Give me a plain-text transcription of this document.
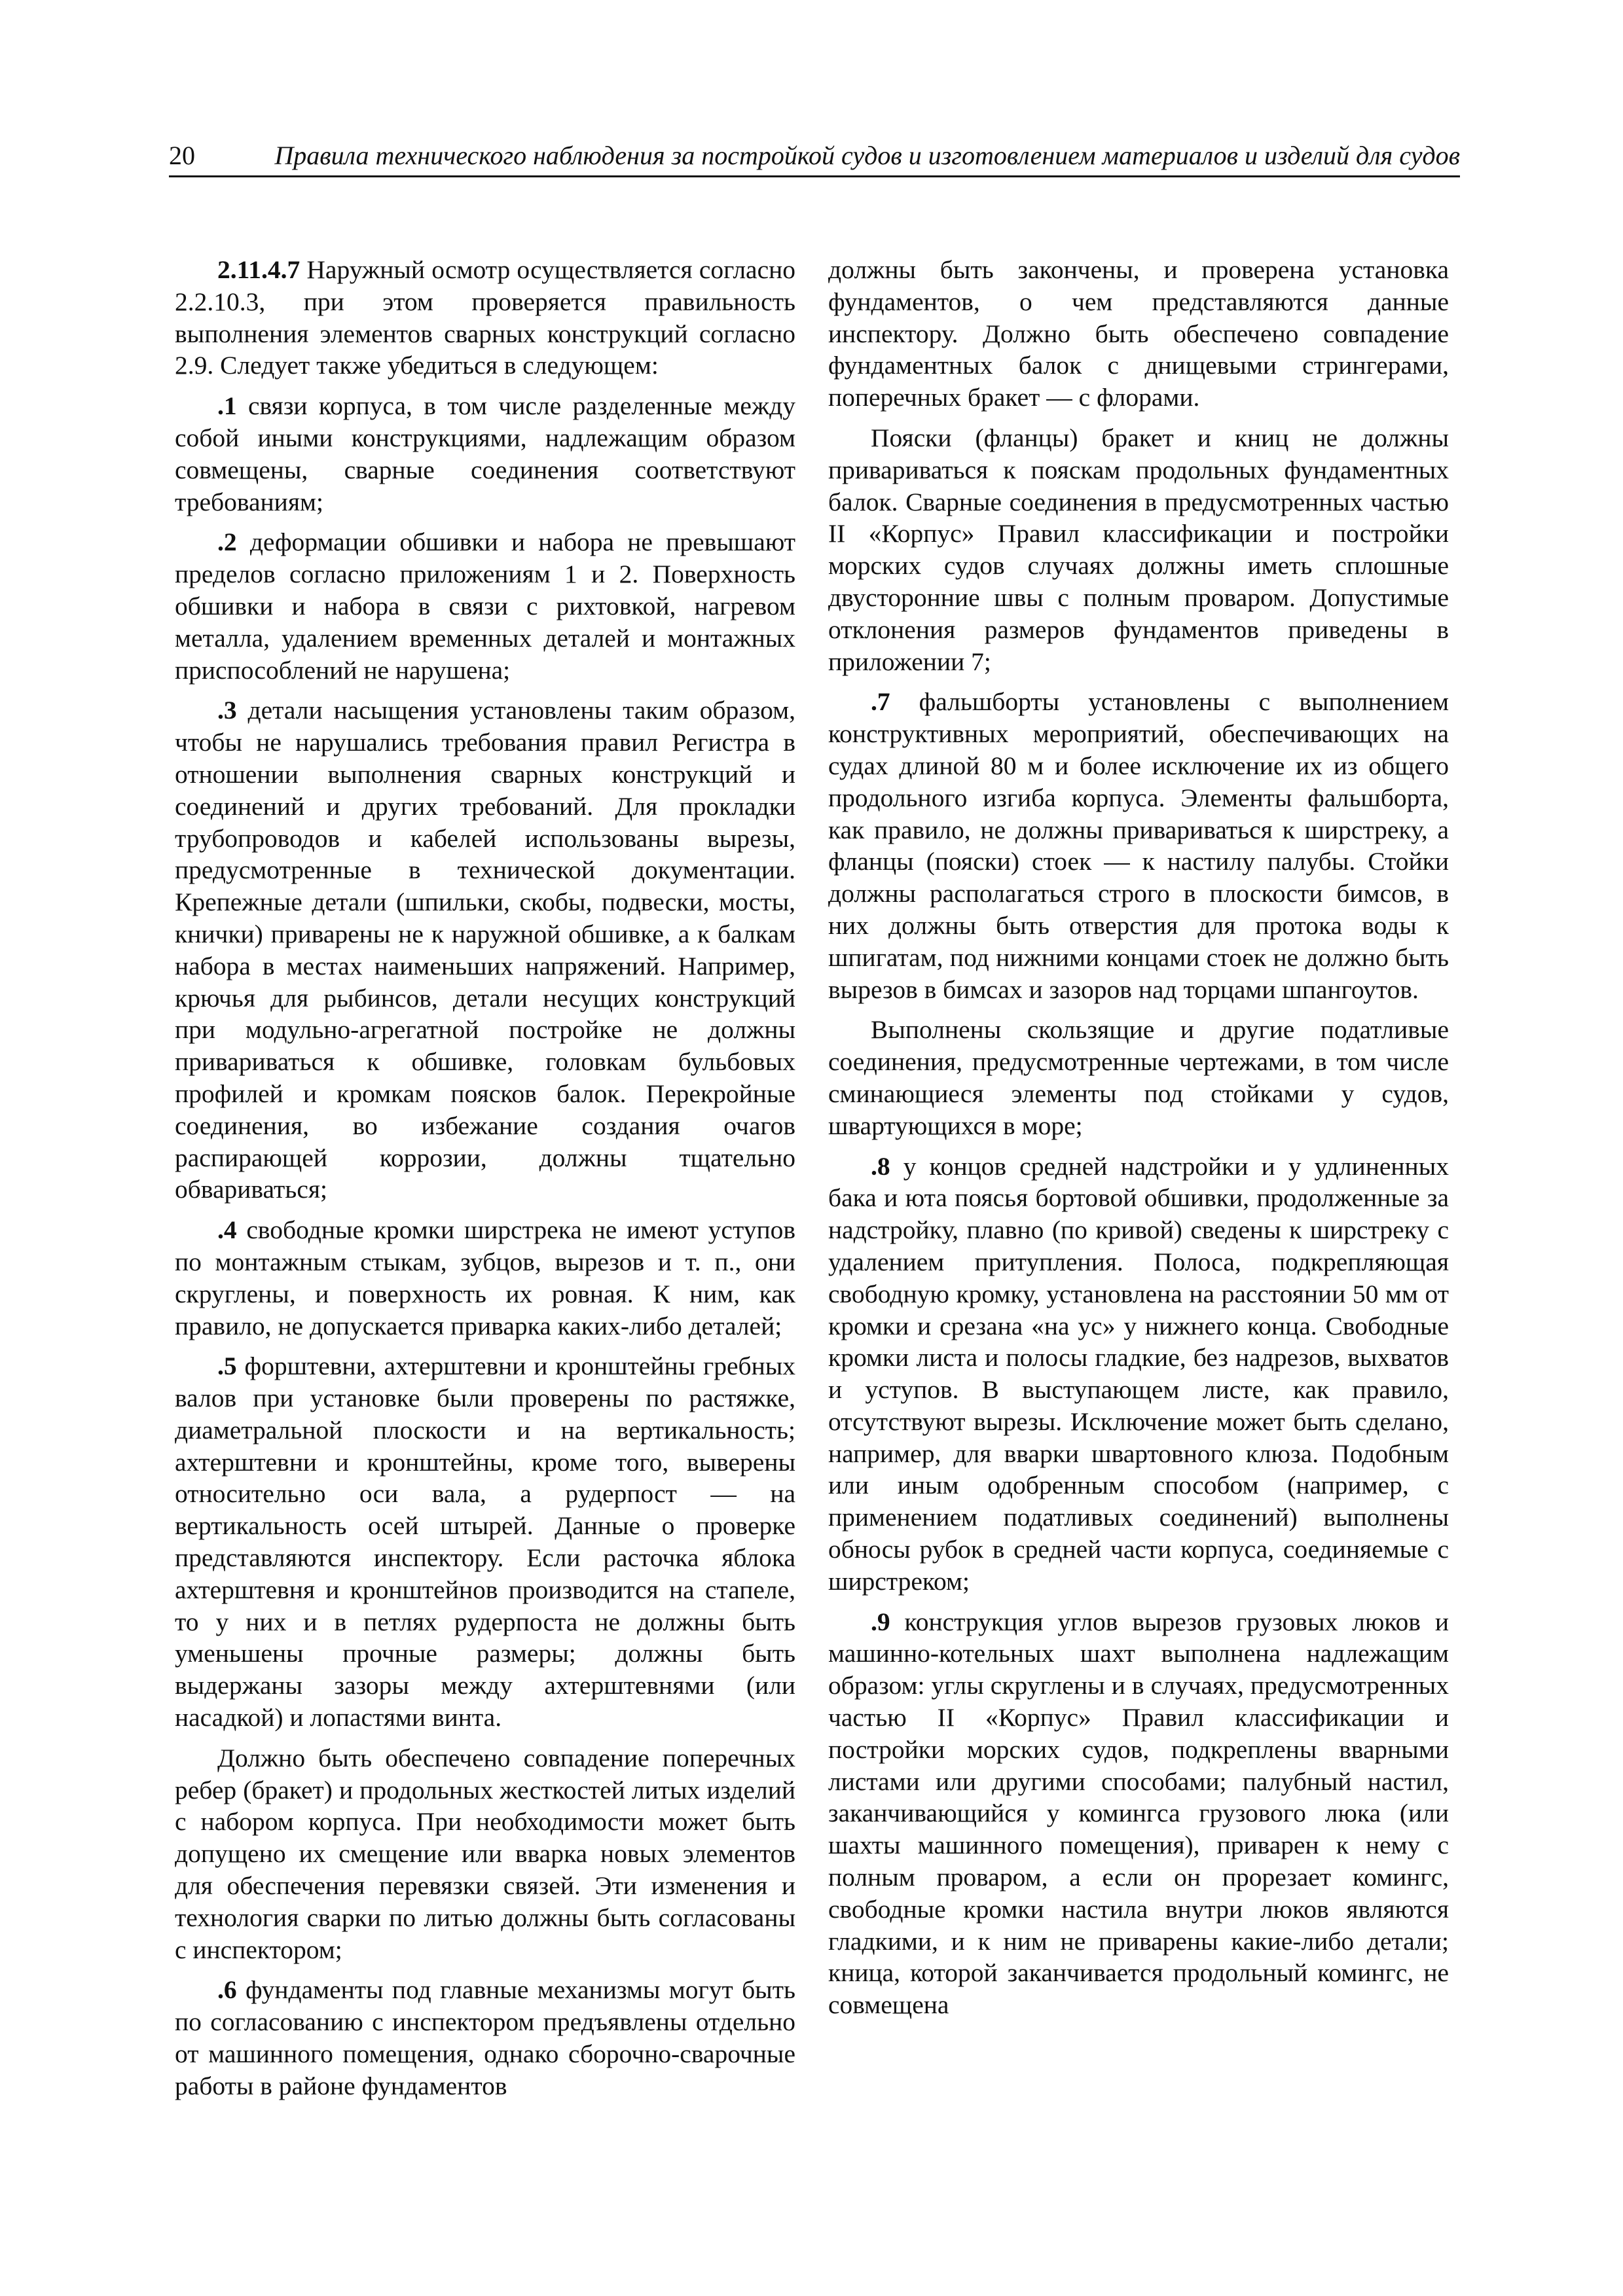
20	Правила технического наблюдения за постройкой судов и изготовлением материалов и изделий для судов

2.11.4.7 Наружный осмотр осуществляется согласно 2.2.10.3, при этом проверяется правильность выполнения элементов сварных конструкций согласно 2.9. Следует также убедиться в следующем:

.1 связи корпуса, в том числе разделенные между собой иными конструкциями, надлежащим образом совмещены, сварные соединения соответствуют требованиям;

.2 деформации обшивки и набора не превышают пределов согласно приложениям 1 и 2. Поверхность обшивки и набора в связи с рихтовкой, нагревом металла, удалением временных деталей и монтажных приспособлений не нарушена;

.3 детали насыщения установлены таким образом, чтобы не нарушались требования правил Регистра в отношении выполнения сварных конструкций и соединений и других требований. Для прокладки трубопроводов и кабелей использованы вырезы, предусмотренные в технической документации. Крепежные детали (шпильки, скобы, подвески, мосты, кнички) приварены не к наружной обшивке, а к балкам набора в местах наименьших напряжений. Например, крючья для рыбинсов, детали несущих конструкций при модульно-агрегатной постройке не должны привариваться к обшивке, головкам бульбовых профилей и кромкам поясков балок. Перекройные соединения, во избежание создания очагов распирающей коррозии, должны тщательно обвариваться;

.4 свободные кромки ширстрека не имеют уступов по монтажным стыкам, зубцов, вырезов и т. п., они скруглены, и поверхность их ровная. К ним, как правило, не допускается приварка каких-либо деталей;

.5 форштевни, ахтерштевни и кронштейны гребных валов при установке были проверены по растяжке, диаметральной плоскости и на вертикальность; ахтерштевни и кронштейны, кроме того, выверены относительно оси вала, а рудерпост — на вертикальность осей штырей. Данные о проверке представляются инспектору. Если расточка яблока ахтерштевня и кронштейнов производится на стапеле, то у них и в петлях рудерпоста не должны быть уменьшены прочные размеры; должны быть выдержаны зазоры между ахтерштевнями (или насадкой) и лопастями винта.

Должно быть обеспечено совпадение поперечных ребер (бракет) и продольных жесткостей литых изделий с набором корпуса. При необходимости может быть допущено их смещение или вварка новых элементов для обеспечения перевязки связей. Эти изменения и технология сварки по литью должны быть согласованы с инспектором;

.6 фундаменты под главные механизмы могут быть по согласованию с инспектором предъявлены отдельно от машинного помещения, однако сборочно-сварочные работы в районе фундаментов

должны быть закончены, и проверена установка фундаментов, о чем представляются данные инспектору. Должно быть обеспечено совпадение фундаментных балок с днищевыми стрингерами, поперечных бракет — с флорами.

Пояски (фланцы) бракет и книц не должны привариваться к пояскам продольных фундаментных балок. Сварные соединения в предусмотренных частью II «Корпус» Правил классификации и постройки морских судов случаях должны иметь сплошные двусторонние швы с полным проваром. Допустимые отклонения размеров фундаментов приведены в приложении 7;

.7 фальшборты установлены с выполнением конструктивных мероприятий, обеспечивающих на судах длиной 80 м и более исключение их из общего продольного изгиба корпуса. Элементы фальшборта, как правило, не должны привариваться к ширстреку, а фланцы (пояски) стоек — к настилу палубы. Стойки должны располагаться строго в плоскости бимсов, в них должны быть отверстия для протока воды к шпигатам, под нижними концами стоек не должно быть вырезов в бимсах и зазоров над торцами шпангоутов.

Выполнены скользящие и другие податливые соединения, предусмотренные чертежами, в том числе сминающиеся элементы под стойками у судов, швартующихся в море;

.8 у концов средней надстройки и у удлиненных бака и юта поясья бортовой обшивки, продолженные за надстройку, плавно (по кривой) сведены к ширстреку с удалением притупления. Полоса, подкрепляющая свободную кромку, установлена на расстоянии 50 мм от кромки и срезана «на ус» у нижнего конца. Свободные кромки листа и полосы гладкие, без надрезов, выхватов и уступов. В выступающем листе, как правило, отсутствуют вырезы. Исключение может быть сделано, например, для вварки швартовного клюза. Подобным или иным одобренным способом (например, с применением податливых соединений) выполнены обносы рубок в средней части корпуса, соединяемые с ширстреком;

.9 конструкция углов вырезов грузовых люков и машинно-котельных шахт выполнена надлежащим образом: углы скруглены и в случаях, предусмотренных частью II «Корпус» Правил классификации и постройки морских судов, подкреплены вварными листами или другими способами; палубный настил, заканчивающийся у комингса грузового люка (или шахты машинного помещения), приварен к нему с полным проваром, а если он прорезает комингс, свободные кромки настила внутри люков являются гладкими, и к ним не приварены какие-либо детали; кница, которой заканчивается продольный комингс, не совмещена
